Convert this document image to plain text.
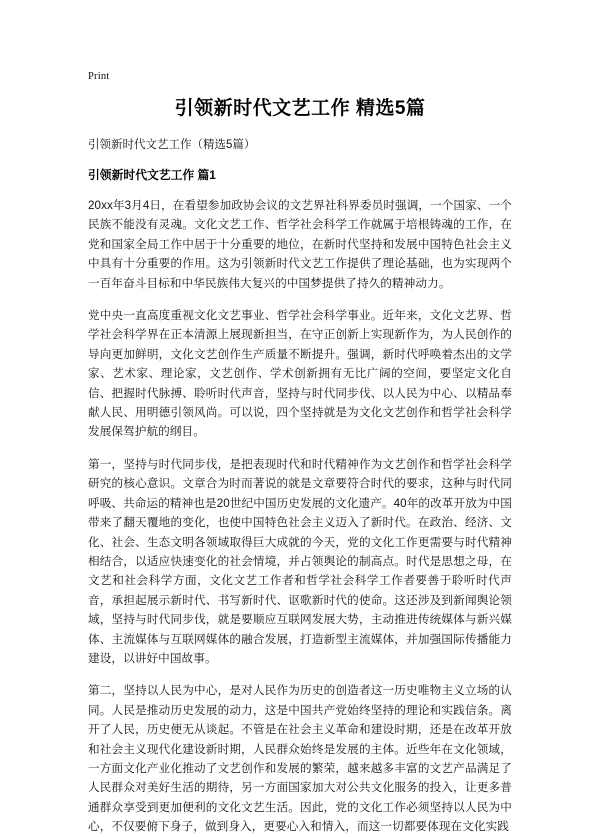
Print
引领新时代文艺工作 精选5篇

引领新时代文艺工作（精选5篇）

引领新时代文艺工作 篇1

20xx年3月4日，在看望参加政协会议的文艺界社科界委员时强调，一个国家、一个民族不能没有灵魂。文化文艺工作、哲学社会科学工作就属于培根铸魂的工作，在党和国家全局工作中居于十分重要的地位，在新时代坚持和发展中国特色社会主义中具有十分重要的作用。这为引领新时代文艺工作提供了理论基础，也为实现两个一百年奋斗目标和中华民族伟大复兴的中国梦提供了持久的精神动力。

党中央一直高度重视文化文艺事业、哲学社会科学事业。近年来，文化文艺界、哲学社会科学界在正本清源上展现新担当，在守正创新上实现新作为，为人民创作的导向更加鲜明，文化文艺创作生产质量不断提升。强调，新时代呼唤着杰出的文学家、艺术家、理论家，文艺创作、学术创新拥有无比广阔的空间，要坚定文化自信、把握时代脉搏、聆听时代声音，坚持与时代同步伐、以人民为中心、以精品奉献人民、用明德引领风尚。可以说，四个坚持就是为文化文艺创作和哲学社会科学发展保驾护航的纲目。

第一，坚持与时代同步伐，是把表现时代和时代精神作为文艺创作和哲学社会科学研究的核心意识。文章合为时而著说的就是文章要符合时代的要求，这种与时代同呼吸、共命运的精神也是20世纪中国历史发展的文化遗产。40年的改革开放为中国带来了翻天覆地的变化，也使中国特色社会主义迈入了新时代。在政治、经济、文化、社会、生态文明各领域取得巨大成就的今天，党的文化工作更需要与时代精神相结合，以适应快速变化的社会情境，并占领舆论的制高点。时代是思想之母，在文艺和社会科学方面，文化文艺工作者和哲学社会科学工作者要善于聆听时代声音，承担起展示新时代、书写新时代、讴歌新时代的使命。这还涉及到新闻舆论领域，坚持与时代同步伐，就是要顺应互联网发展大势，主动推进传统媒体与新兴媒体、主流媒体与互联网媒体的融合发展，打造新型主流媒体，并加强国际传播能力建设，以讲好中国故事。

第二，坚持以人民为中心，是对人民作为历史的创造者这一历史唯物主义立场的认同。人民是推动历史发展的动力，这是中国共产党始终坚持的理论和实践信条。离开了人民，历史便无从谈起。不管是在社会主义革命和建设时期，还是在改革开放和社会主义现代化建设新时期，人民群众始终是发展的主体。近些年在文化领域，一方面文化产业化推动了文艺创作和发展的繁荣，越来越多丰富的文艺产品满足了人民群众对美好生活的期待，另一方面国家加大对公共文化服务的投入，让更多普通群众享受到更加便利的文化文艺生活。因此，党的文化工作必须坚持以人民为中心，不仅要俯下身子，做到身入，更要心入和情入，而这一切都要体现在文化实践
